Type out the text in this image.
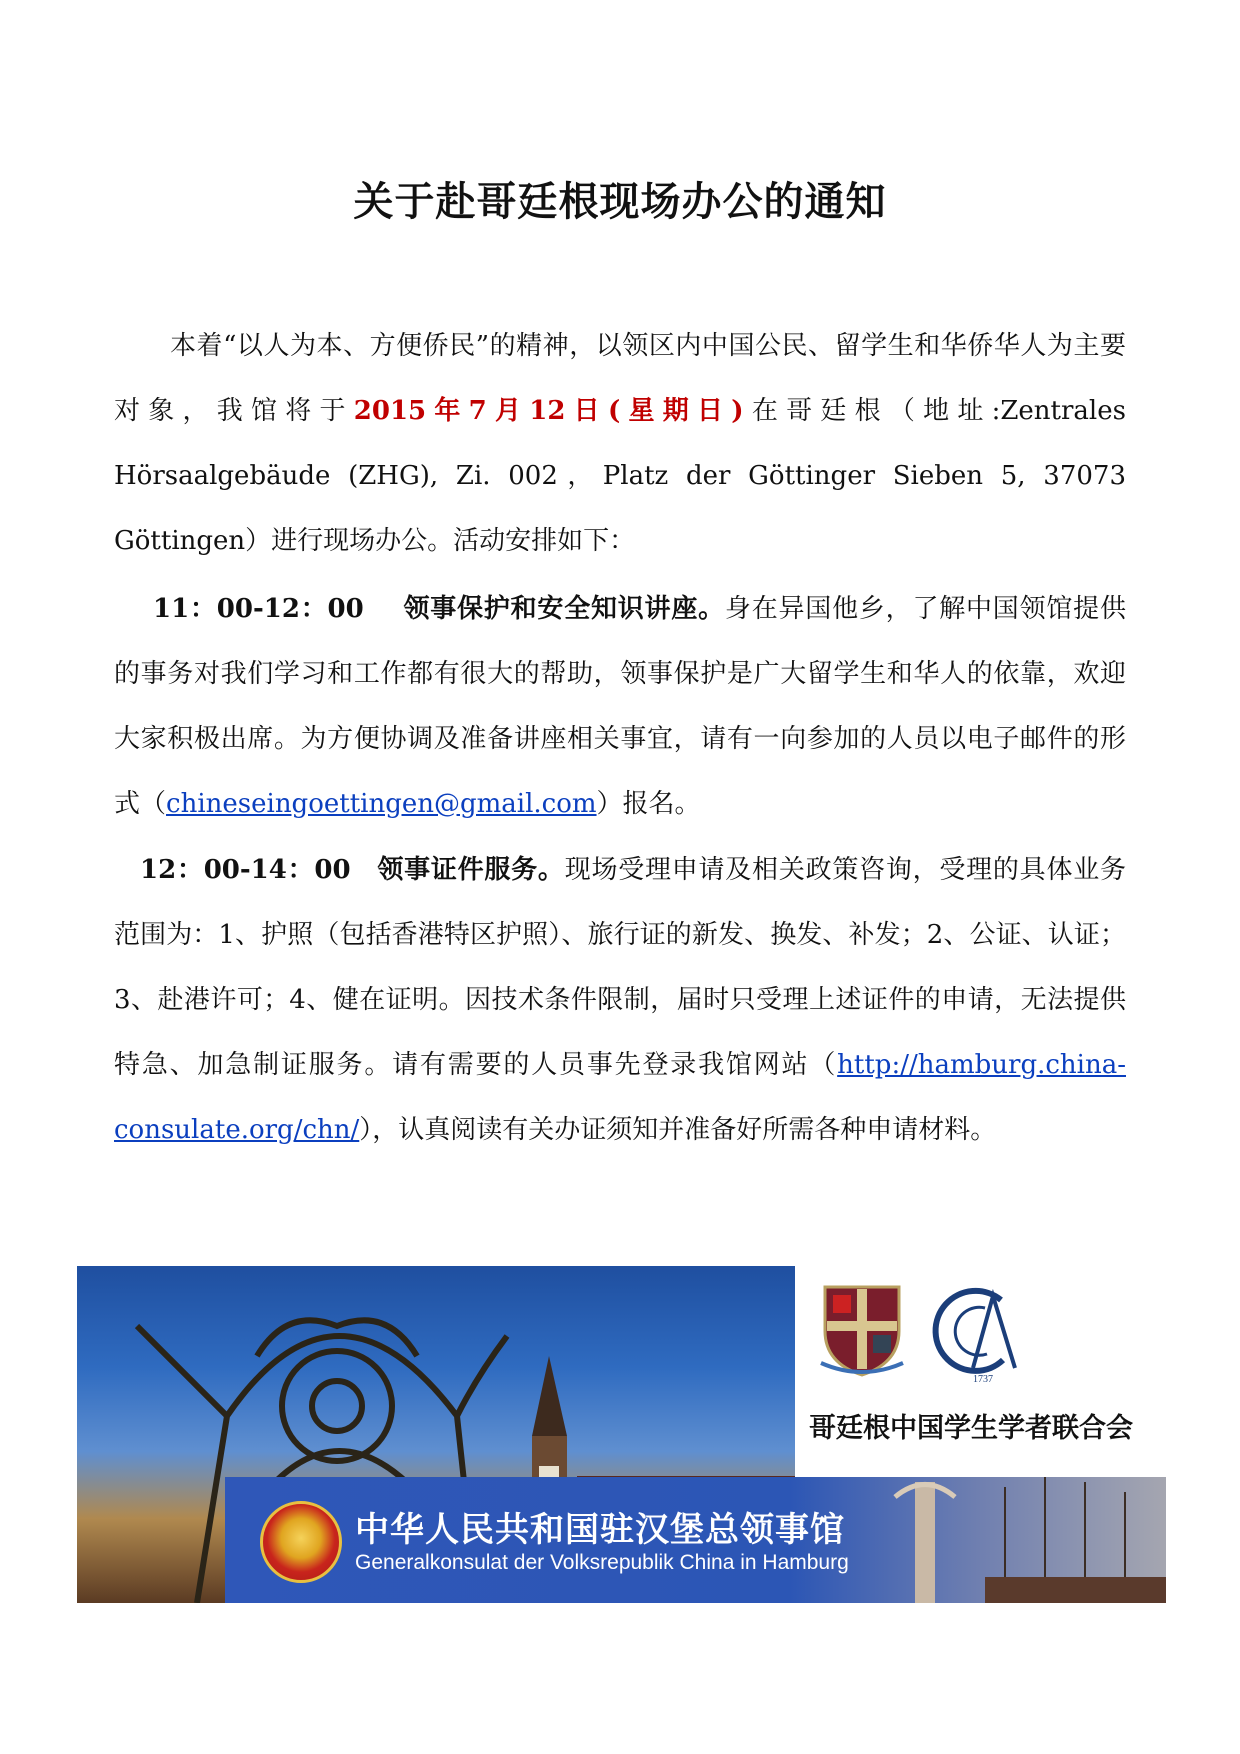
关于赴哥廷根现场办公的通知

本着“以人为本、方便侨民”的精神，以领区内中国公民、留学生和华侨华人为主要对象，我馆将于2015年7月12日(星期日)在哥廷根（地址:Zentrales Hörsaalgebäude (ZHG), Zi. 002，Platz der Göttinger Sieben 5, 37073 Göttingen）进行现场办公。活动安排如下：

  11：00-12：00   领事保护和安全知识讲座。身在异国他乡，了解中国领馆提供的事务对我们学习和工作都有很大的帮助，领事保护是广大留学生和华人的依靠，欢迎大家积极出席。为方便协调及准备讲座相关事宜，请有一向参加的人员以电子邮件的形式（chineseingoettingen@gmail.com）报名。

 12：00-14：00  领事证件服务。现场受理申请及相关政策咨询，受理的具体业务范围为：1、护照（包括香港特区护照）、旅行证的新发、换发、补发；2、公证、认证；3、赴港许可；4、健在证明。因技术条件限制，届时只受理上述证件的申请，无法提供特急、加急制证服务。请有需要的人员事先登录我馆网站（http://hamburg.china-consulate.org/chn/），认真阅读有关办证须知并准备好所需各种申请材料。

中华人民共和国驻汉堡总领事馆
Generalkonsulat der Volksrepublik China in Hamburg
1737
哥廷根中国学生学者联合会
